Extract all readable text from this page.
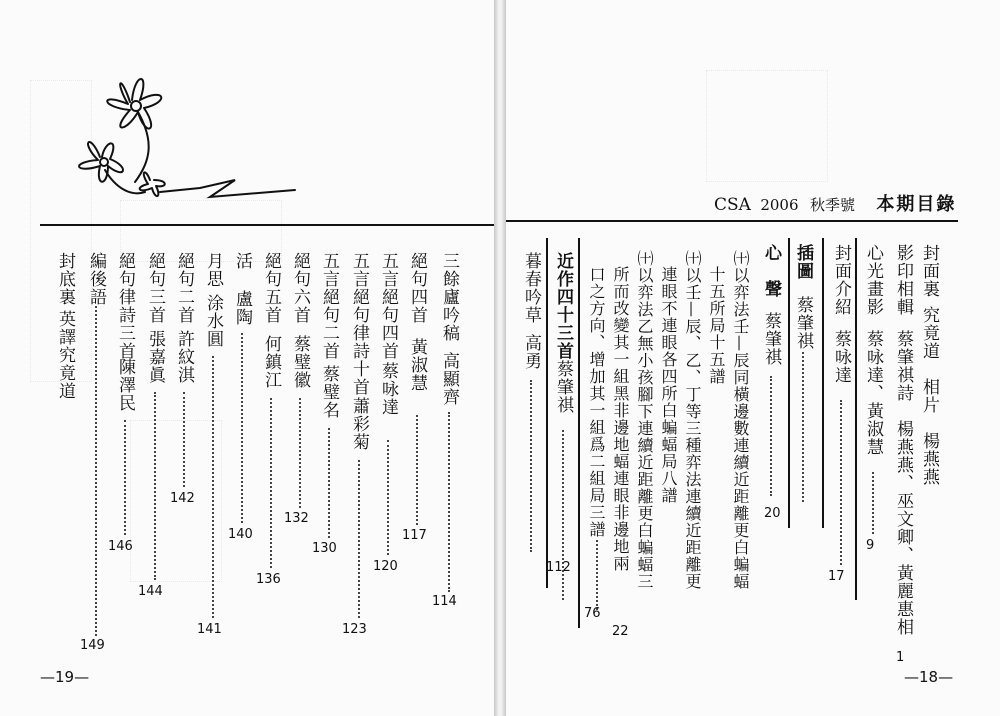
三餘廬吟稿
高顯齊
114
絕句四首
黃淑慧
117
五言絕句四首
蔡咏達
120
五言絕句律詩十首
蕭彩菊
123
五言絕句二首
蔡璧名
130
絕句六首
蔡璧徽
132
絕句五首
何鎮江
136
活
盧陶
140
月思
涂水圓
141
絕句二首
許紋淇
142
絕句三首
張嘉眞
144
絕句律詩三首
陳澤民
146
編後語
149
封底裏
英譯究竟道
—19—
CSA 2006 秋季號 本期目錄
封面裏
究竟道　相片　楊燕燕
影印相輯
蔡肇祺詩　楊燕燕、巫文卿、黃麗惠相
1
心光畫影
蔡咏達、黃淑慧
9
封面介紹
蔡咏達
17
插圖
蔡肇祺
20
心　聲
蔡肇祺
㈩以弈法壬—辰同橫邊數連續近距離更白蝙蝠
十五所局十五譜
㈩以壬—辰、乙、丁等三種弈法連續近距離更
連眼不連眼各四所白蝙蝠局八譜
㈩以弈法乙無小孩腳下連續近距離更白蝙蝠三
所而改變其一組黑非邊地蝠連眼非邊地兩
口之方向、增加其一組爲二組局三譜
22
近作四十三首
蔡肇祺
76
暮春吟草
高勇
112
—18—
